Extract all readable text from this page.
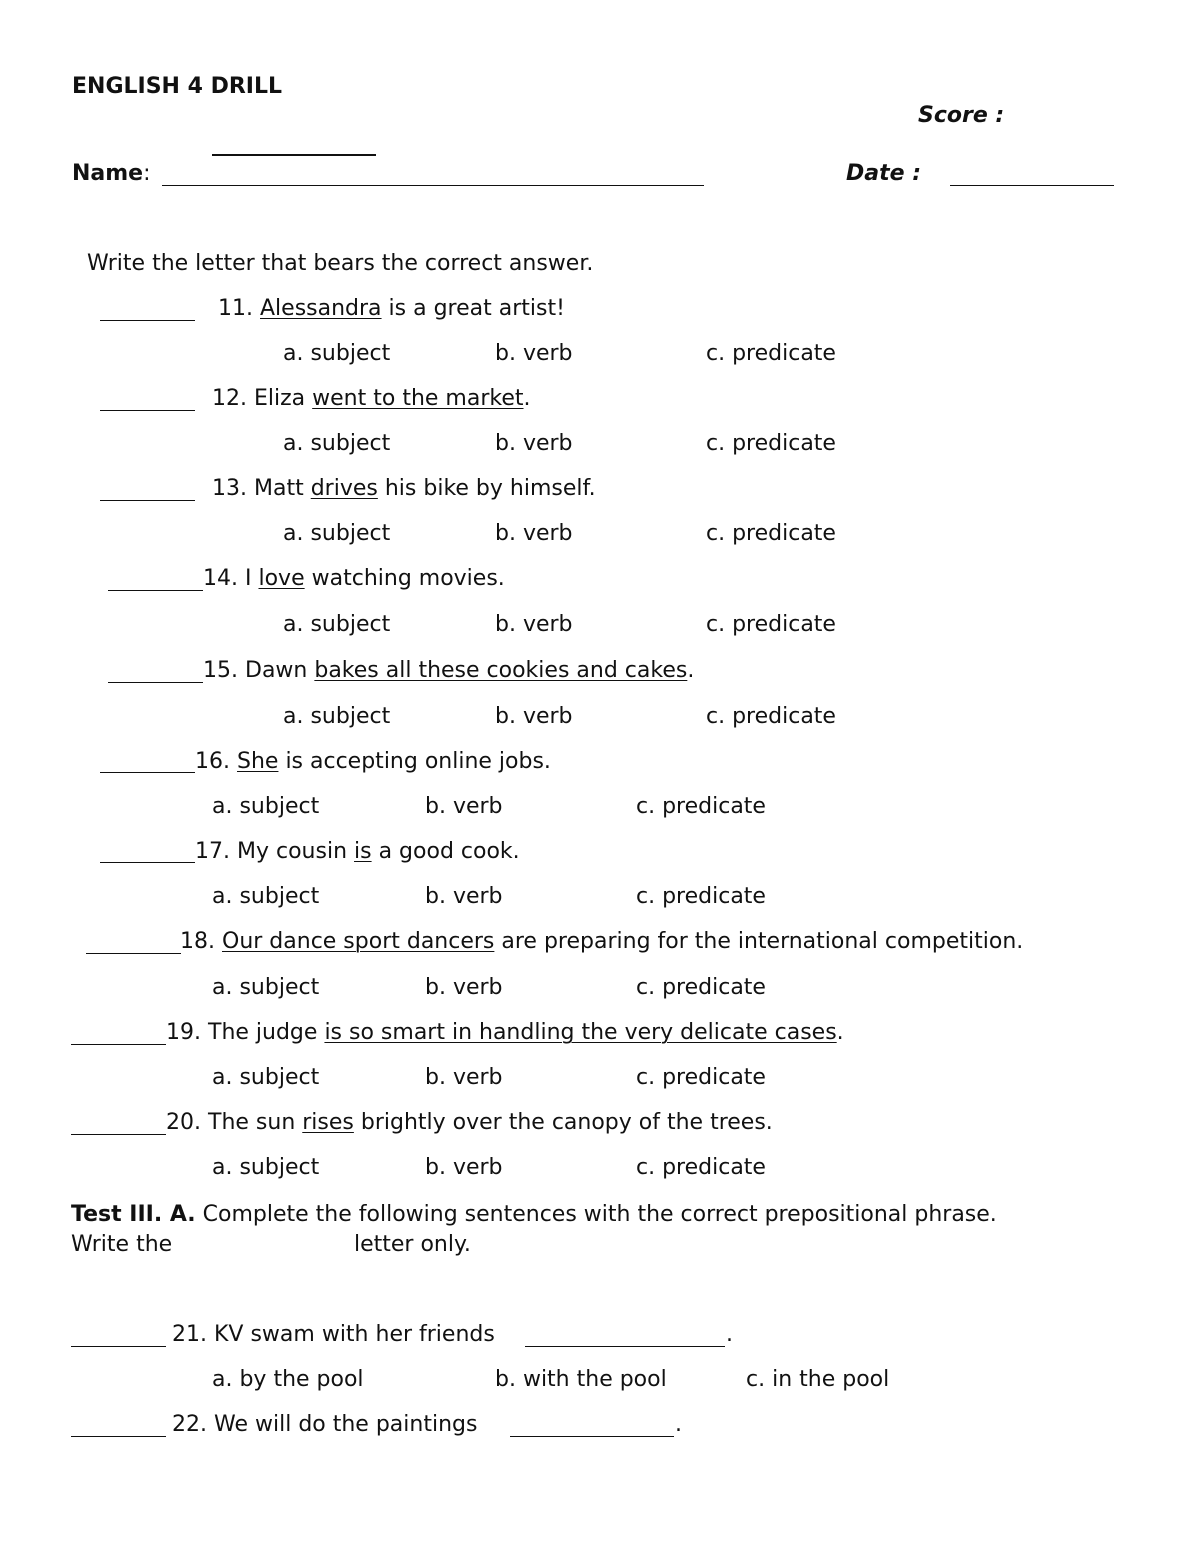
ENGLISH 4 DRILL
Score :
Name:	Date :
Write the letter that bears the correct answer.
11. Alessandra is a great artist!
a. subject	b. verb	c. predicate
12. Eliza went to the market.
a. subject	b. verb	c. predicate
13. Matt drives his bike by himself.
a. subject	b. verb	c. predicate
14. I love watching movies.
a. subject	b. verb	c. predicate
15. Dawn bakes all these cookies and cakes.
a. subject	b. verb	c. predicate
16. She is accepting online jobs.
a. subject	b. verb	c. predicate
17. My cousin is a good cook.
a. subject	b. verb	c. predicate
18. Our dance sport dancers are preparing for the international competition.
a. subject	b. verb	c. predicate
19. The judge is so smart in handling the very delicate cases.
a. subject	b. verb	c. predicate
20. The sun rises brightly over the canopy of the trees.
a. subject	b. verb	c. predicate
Test III. A. Complete the following sentences with the correct prepositional phrase.
Write the	letter only.
21. KV swam with her friends	.
a. by the pool	b. with the pool	c. in the pool
22. We will do the paintings	.
